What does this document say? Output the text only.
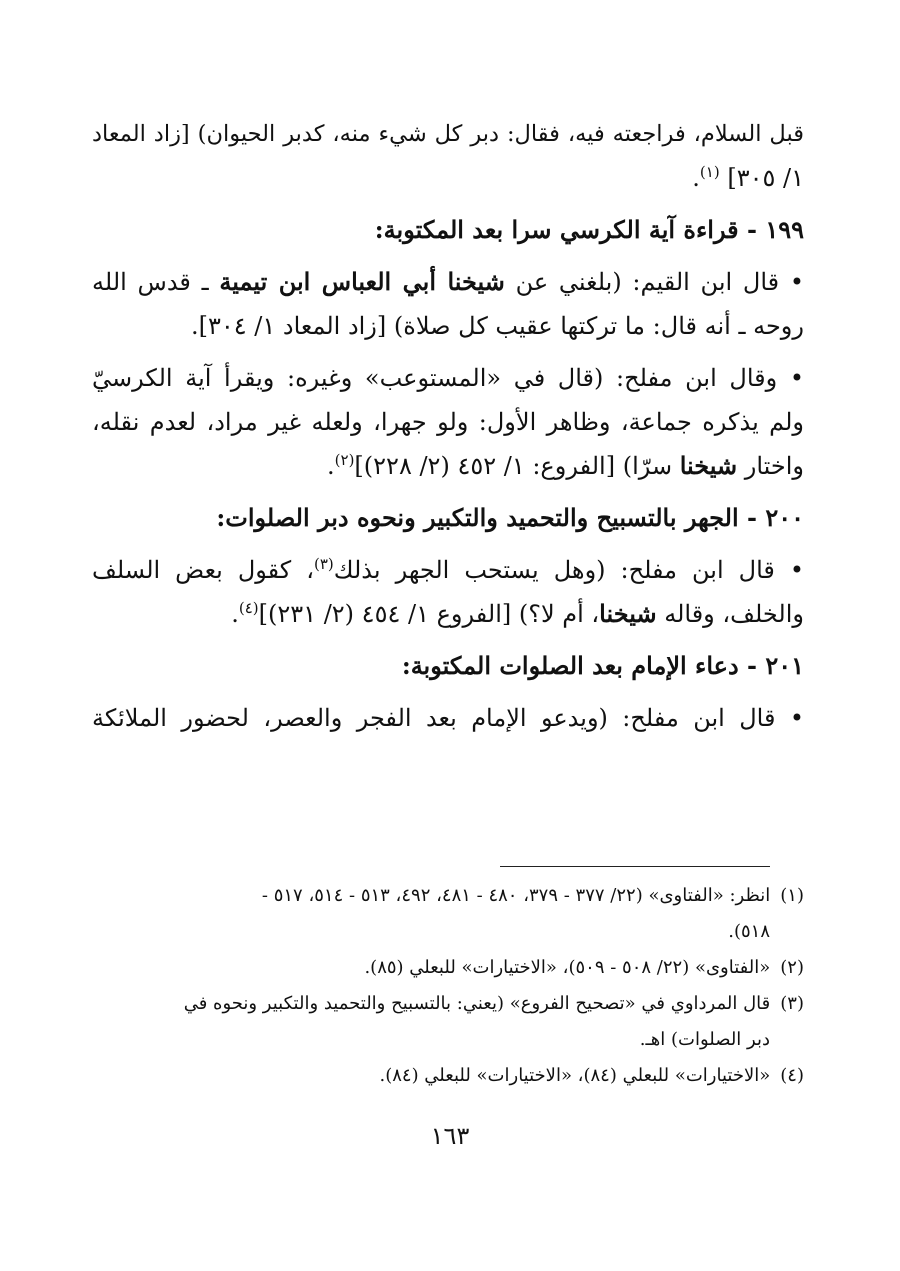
قبل السلام، فراجعته فيه، فقال: دبر كل شيء منه، كدبر الحيوان) [زاد المعاد
١/ ٣٠٥] $^{(١)}$.
١٩٩ - قراءة آية الكرسي سرا بعد المكتوبة:
• قال ابن القيم: (بلغني عن شيخنا أبي العباس ابن تيمية ـ قدس الله
روحه ـ أنه قال: ما تركتها عقيب كل صلاة) [زاد المعاد ١/ ٣٠٤].
• وقال ابن مفلح: (قال في «المستوعب» وغيره: ويقرأ آية الكرسيّ
ولم يذكره جماعة، وظاهر الأول: ولو جهرا، ولعله غير مراد، لعدم نقله،
واختار شيخنا سرّا) [الفروع: ١/ ٤٥٢ (٢/ ٢٢٨)]$^{(٢)}$.
٢٠٠ - الجهر بالتسبيح والتحميد والتكبير ونحوه دبر الصلوات:
• قال ابن مفلح: (وهل يستحب الجهر بذلك$^{(٣)}$، كقول بعض السلف
والخلف، وقاله شيخنا، أم لا؟) [الفروع ١/ ٤٥٤ (٢/ ٢٣١)]$^{(٤)}$.
٢٠١ - دعاء الإمام بعد الصلوات المكتوبة:
• قال ابن مفلح: (ويدعو الإمام بعد الفجر والعصر، لحضور الملائكة
(١)انظر: «الفتاوى» (٢٢/ ٣٧٧ - ٣٧٩، ٤٨٠ - ٤٨١، ٤٩٢، ٥١٣ - ٥١٤، ٥١٧ -
٥١٨).
(٢)«الفتاوى» (٢٢/ ٥٠٨ - ٥٠٩)، «الاختيارات» للبعلي (٨٥).
(٣)قال المرداوي في «تصحيح الفروع» (يعني: بالتسبيح والتحميد والتكبير ونحوه في
دبر الصلوات) اهـ.
(٤)«الاختيارات» للبعلي (٨٤)، «الاختيارات» للبعلي (٨٤).
١٦٣
